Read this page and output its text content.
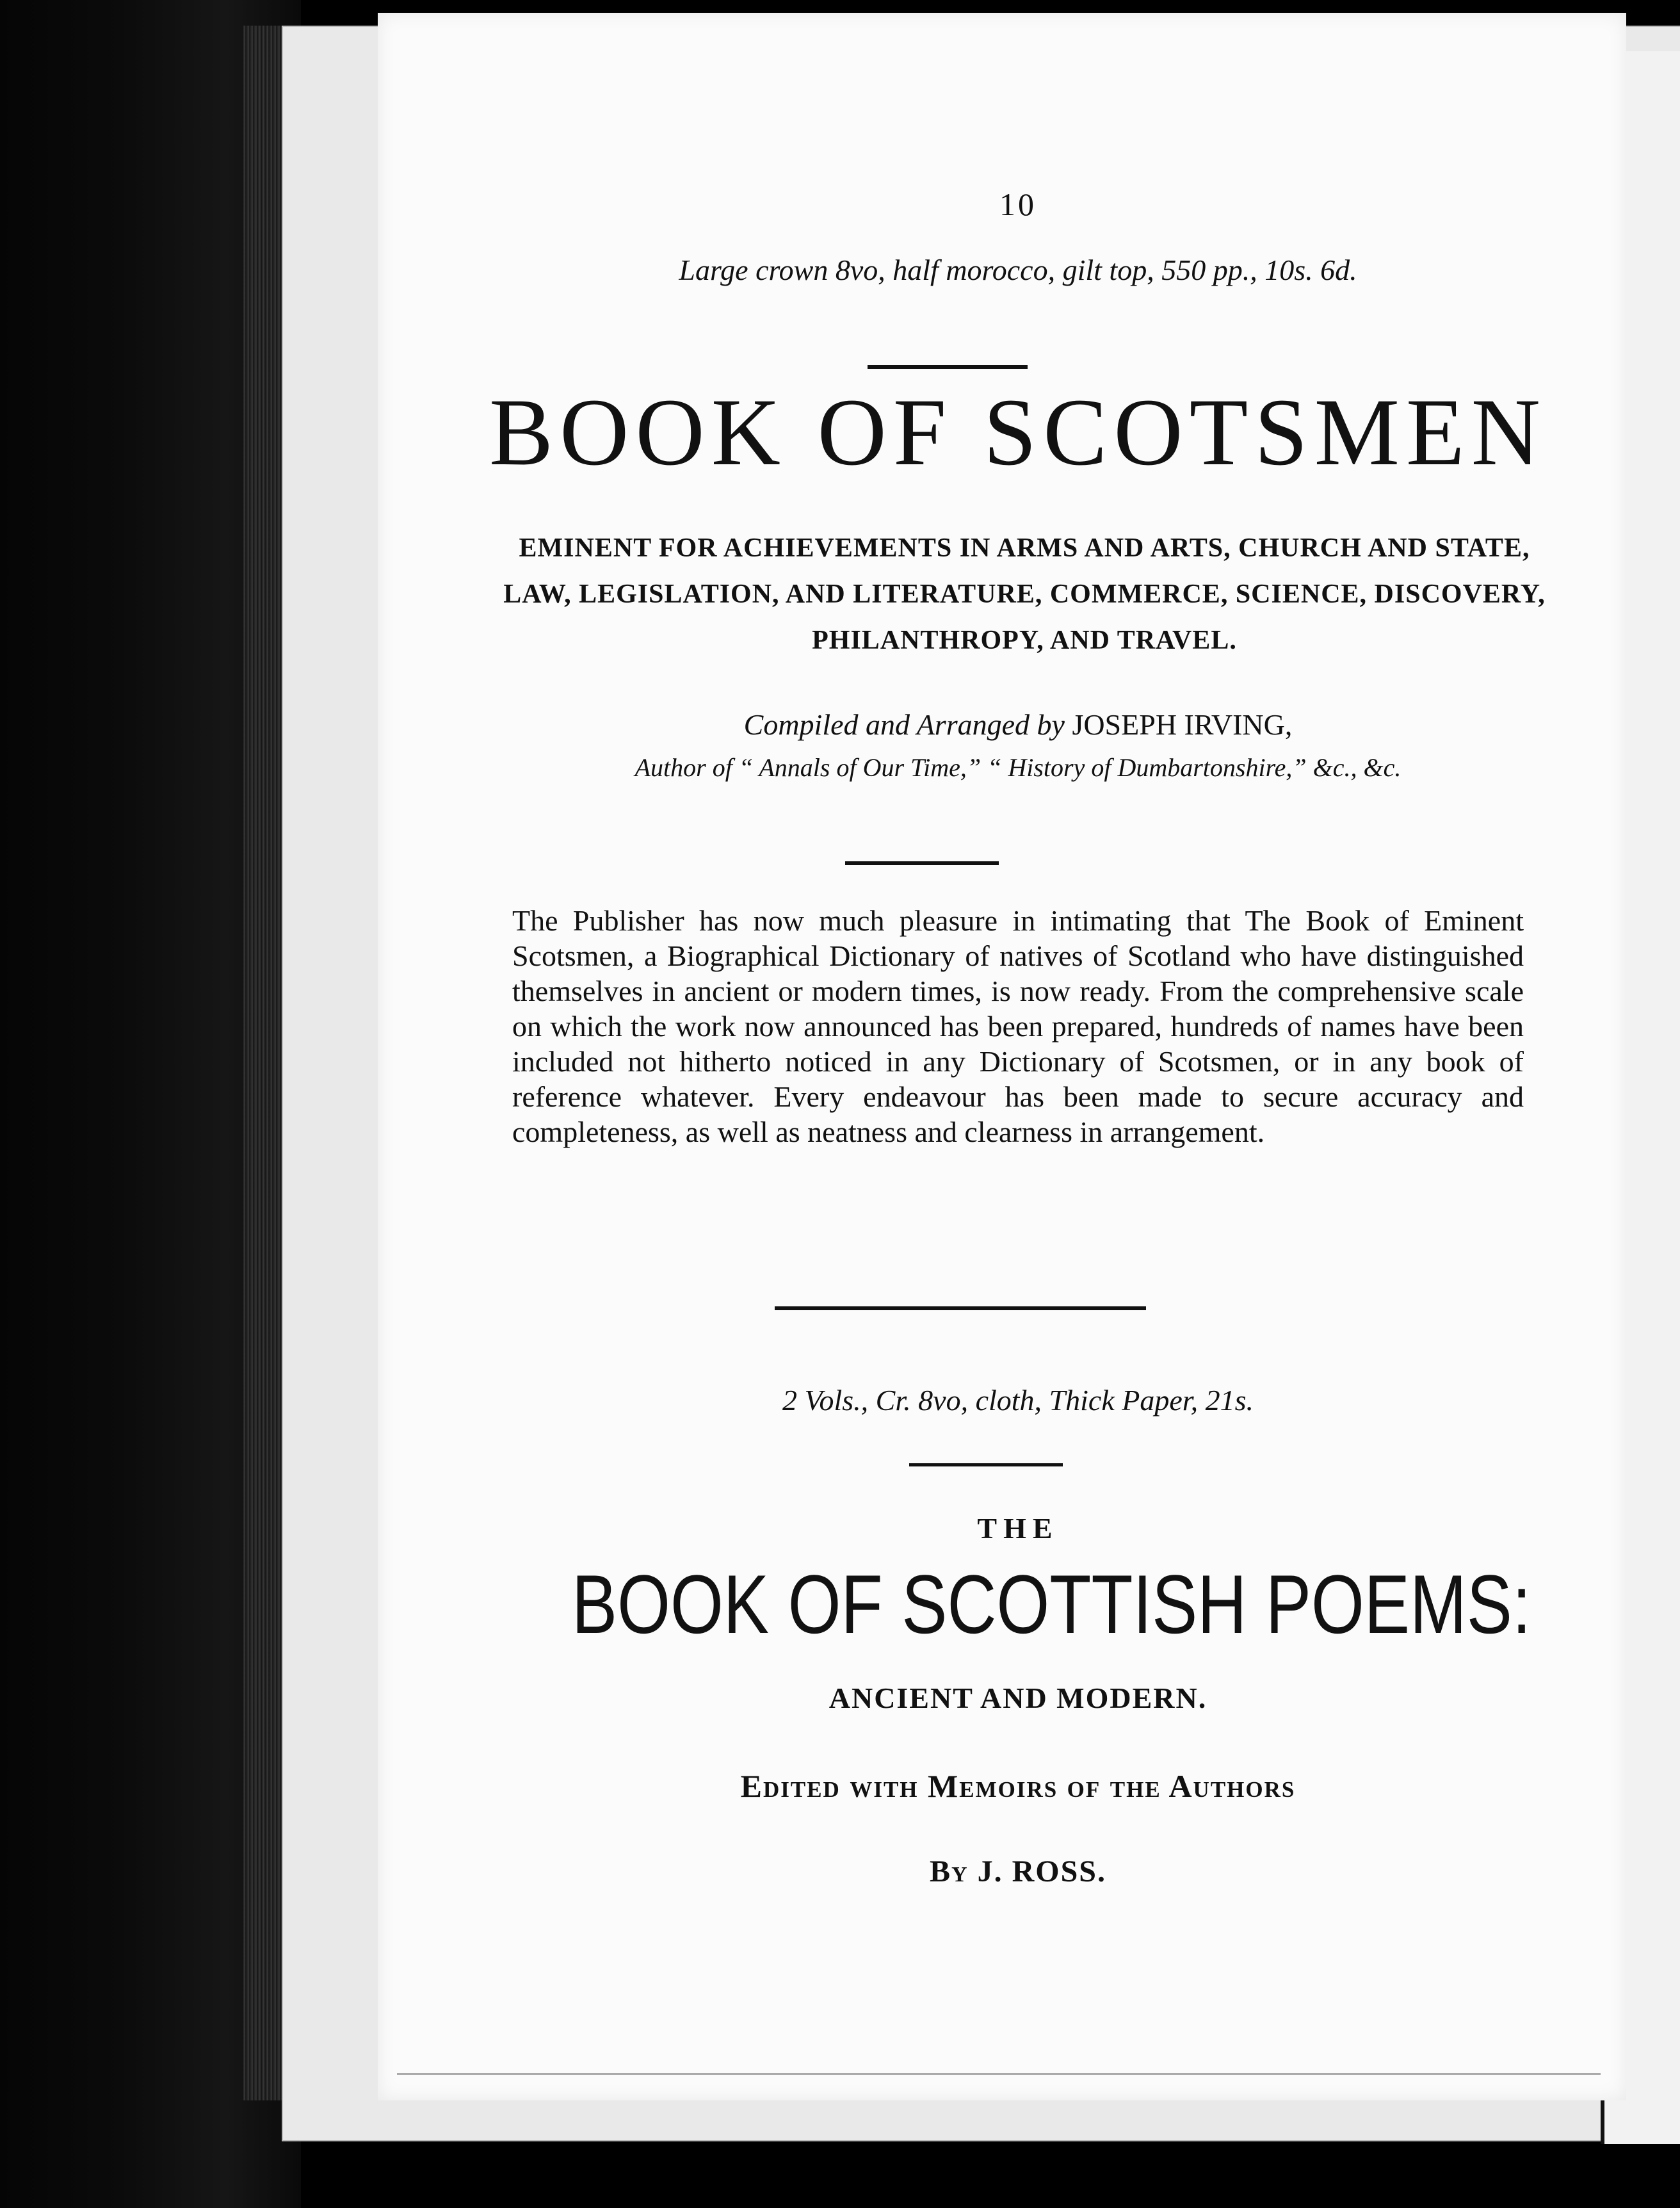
10
Large crown 8vo, half morocco, gilt top, 550 pp., 10s. 6d.
BOOK OF SCOTSMEN
EMINENT FOR ACHIEVEMENTS IN ARMS AND ARTS, CHURCH AND STATE, LAW, LEGISLATION, AND LITERATURE, COMMERCE, SCIENCE, DISCOVERY, PHILANTHROPY, AND TRAVEL.
Compiled and Arranged by JOSEPH IRVING,
Author of “ Annals of Our Time,” “ History of Dumbartonshire,” &c., &c.
The Publisher has now much pleasure in intimating that The Book of Eminent Scotsmen, a Biographical Dictionary of natives of Scotland who have distinguished themselves in ancient or modern times, is now ready. From the comprehensive scale on which the work now announced has been prepared, hundreds of names have been included not hitherto noticed in any Dictionary of Scotsmen, or in any book of reference whatever. Every endeavour has been made to secure accuracy and completeness, as well as neatness and clearness in arrangement.
2 Vols., Cr. 8vo, cloth, Thick Paper, 21s.
THE
BOOK OF SCOTTISH POEMS:
ANCIENT AND MODERN.
Edited with Memoirs of the Authors
By J. ROSS.
